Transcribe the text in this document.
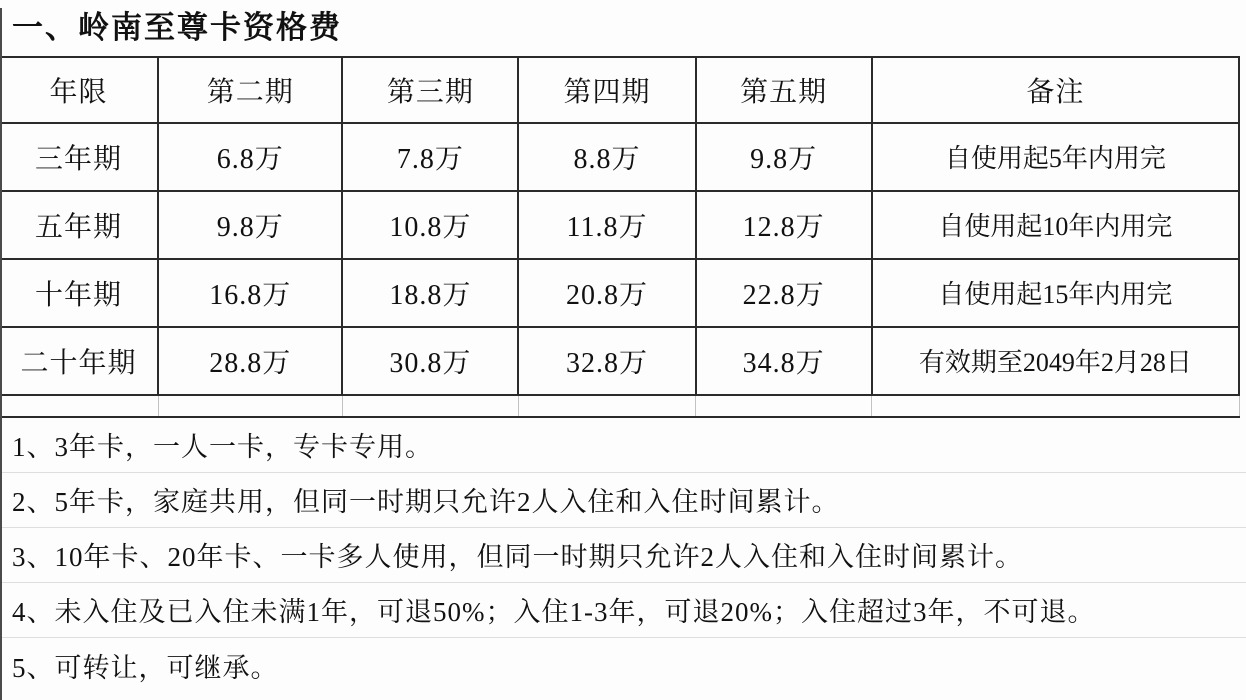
一、岭南至尊卡资格费
年限	第二期	第三期	第四期	第五期	备注
三年期	6.8万	7.8万	8.8万	9.8万	自使用起5年内用完
五年期	9.8万	10.8万	11.8万	12.8万	自使用起10年内用完
十年期	16.8万	18.8万	20.8万	22.8万	自使用起15年内用完
二十年期	28.8万	30.8万	32.8万	34.8万	有效期至2049年2月28日

1、3年卡，一人一卡，专卡专用。
2、5年卡，家庭共用，但同一时期只允许2人入住和入住时间累计。
3、10年卡、20年卡、一卡多人使用，但同一时期只允许2人入住和入住时间累计。
4、未入住及已入住未满1年，可退50%；入住1-3年，可退20%；入住超过3年，不可退。
5、可转让，可继承。
